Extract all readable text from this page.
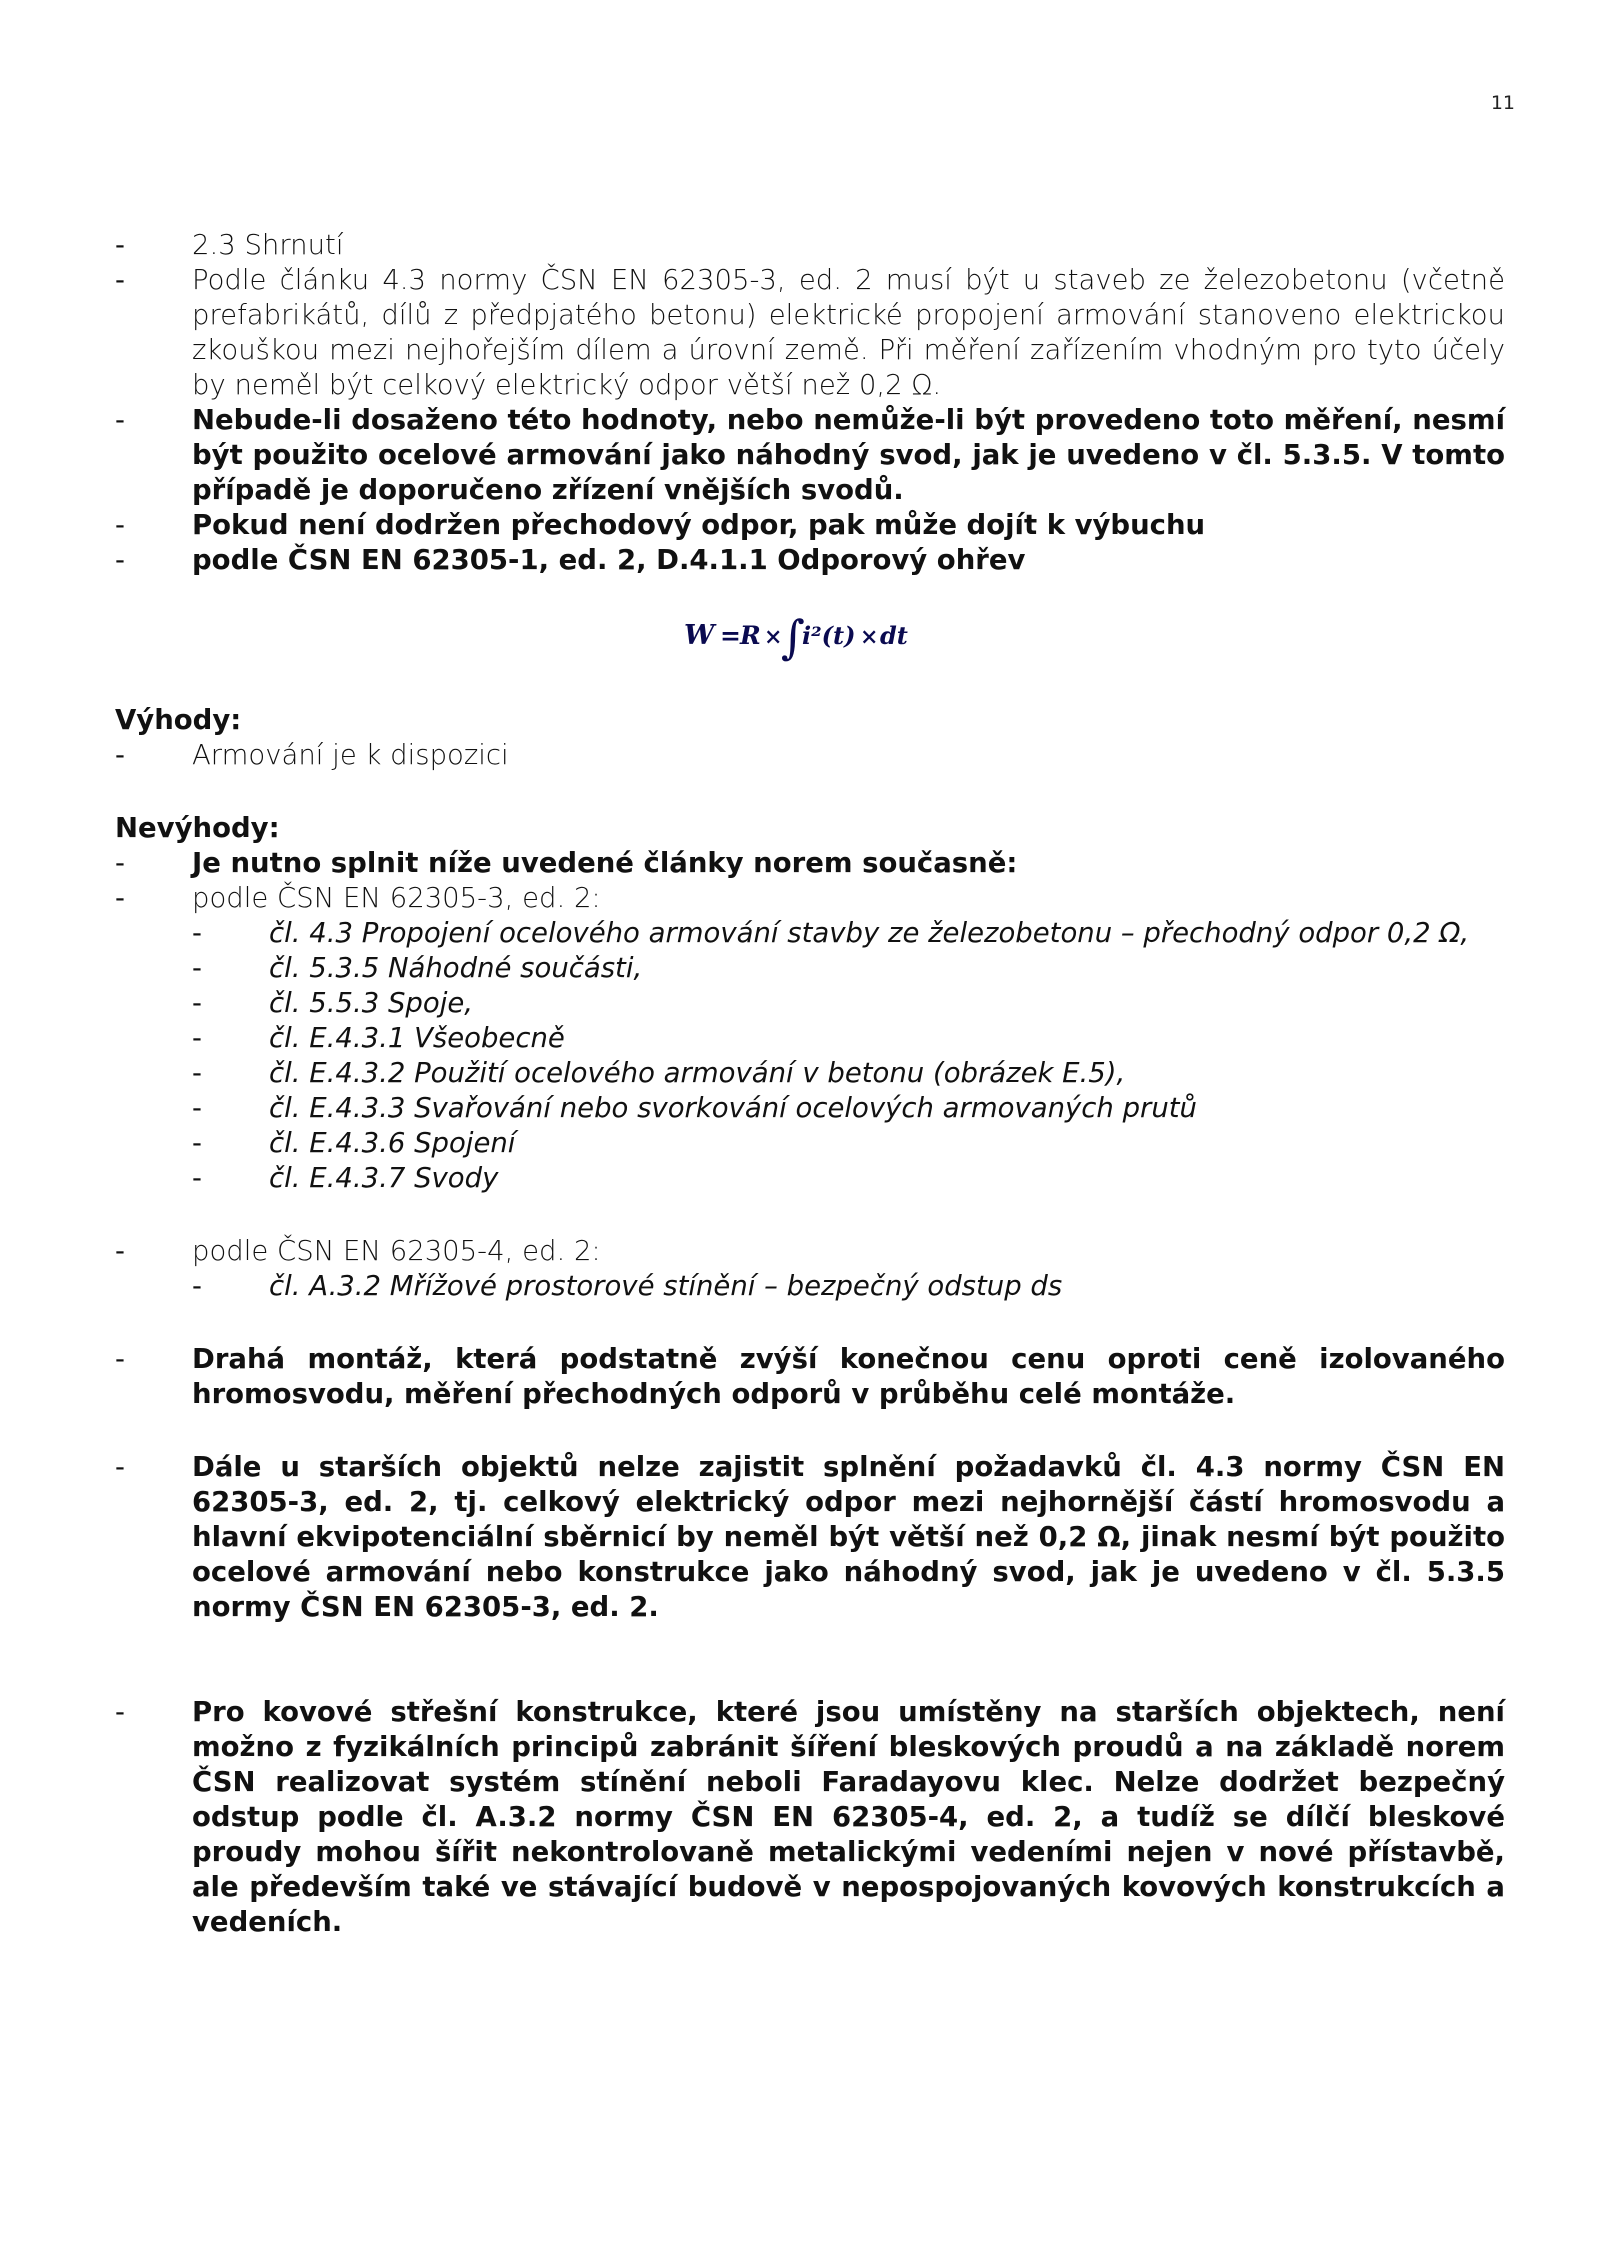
11
-	2.3 Shrnutí
-	Podle článku 4.3 normy ČSN EN 62305-3, ed. 2 musí být u staveb ze železobetonu (včetně prefabrikátů, dílů z předpjatého betonu) elektrické propojení armování stanoveno elektrickou zkouškou mezi nejhořejším dílem a úrovní země. Při měření zařízením vhodným pro tyto účely by neměl být celkový elektrický odpor větší než 0,2 Ω.
-	Nebude-li dosaženo této hodnoty, nebo nemůže-li být provedeno toto měření, nesmí být použito ocelové armování jako náhodný svod, jak je uvedeno v čl. 5.3.5. V tomto případě je doporučeno zřízení vnějších svodů.
-	Pokud není dodržen přechodový odpor, pak může dojít k výbuchu
-	podle ČSN EN 62305-1, ed. 2, D.4.1.1 Odporový ohřev
W = R ×
∫
i²(t) × dt
Výhody:
-	Armování je k dispozici
Nevýhody:
-	Je nutno splnit níže uvedené články norem současně:
-	podle ČSN EN 62305-3, ed. 2:
-	čl. 4.3 Propojení ocelového armování stavby ze železobetonu – přechodný odpor 0,2 Ω,
-	čl. 5.3.5 Náhodné součásti,
-	čl. 5.5.3 Spoje,
-	čl. E.4.3.1 Všeobecně
-	čl. E.4.3.2 Použití ocelového armování v betonu (obrázek E.5),
-	čl. E.4.3.3 Svařování nebo svorkování ocelových armovaných prutů
-	čl. E.4.3.6 Spojení
-	čl. E.4.3.7 Svody
-	podle ČSN EN 62305-4, ed. 2:
-	čl. A.3.2 Mřížové prostorové stínění – bezpečný odstup ds
-	Drahá montáž, která podstatně zvýší konečnou cenu oproti ceně izolovaného hromosvodu, měření přechodných odporů v průběhu celé montáže.
-	Dále u starších objektů nelze zajistit splnění požadavků čl. 4.3 normy ČSN EN 62305-3, ed. 2, tj. celkový elektrický odpor mezi nejhornější částí hromosvodu a hlavní ekvipotenciální sběrnicí by neměl být větší než 0,2 Ω, jinak nesmí být použito ocelové armování nebo konstrukce jako náhodný svod, jak je uvedeno v čl. 5.3.5 normy ČSN EN 62305-3, ed. 2.
-	Pro kovové střešní konstrukce, které jsou umístěny na starších objektech, není možno z fyzikálních principů zabránit šíření bleskových proudů a na základě norem ČSN realizovat systém stínění neboli Faradayovu klec. Nelze dodržet bezpečný odstup podle čl. A.3.2 normy ČSN EN 62305-4, ed. 2, a tudíž se dílčí bleskové proudy mohou šířit nekontrolovaně metalickými vedeními nejen v nové přístavbě, ale především také ve stávající budově v nepospojovaných kovových konstrukcích a vedeních.
